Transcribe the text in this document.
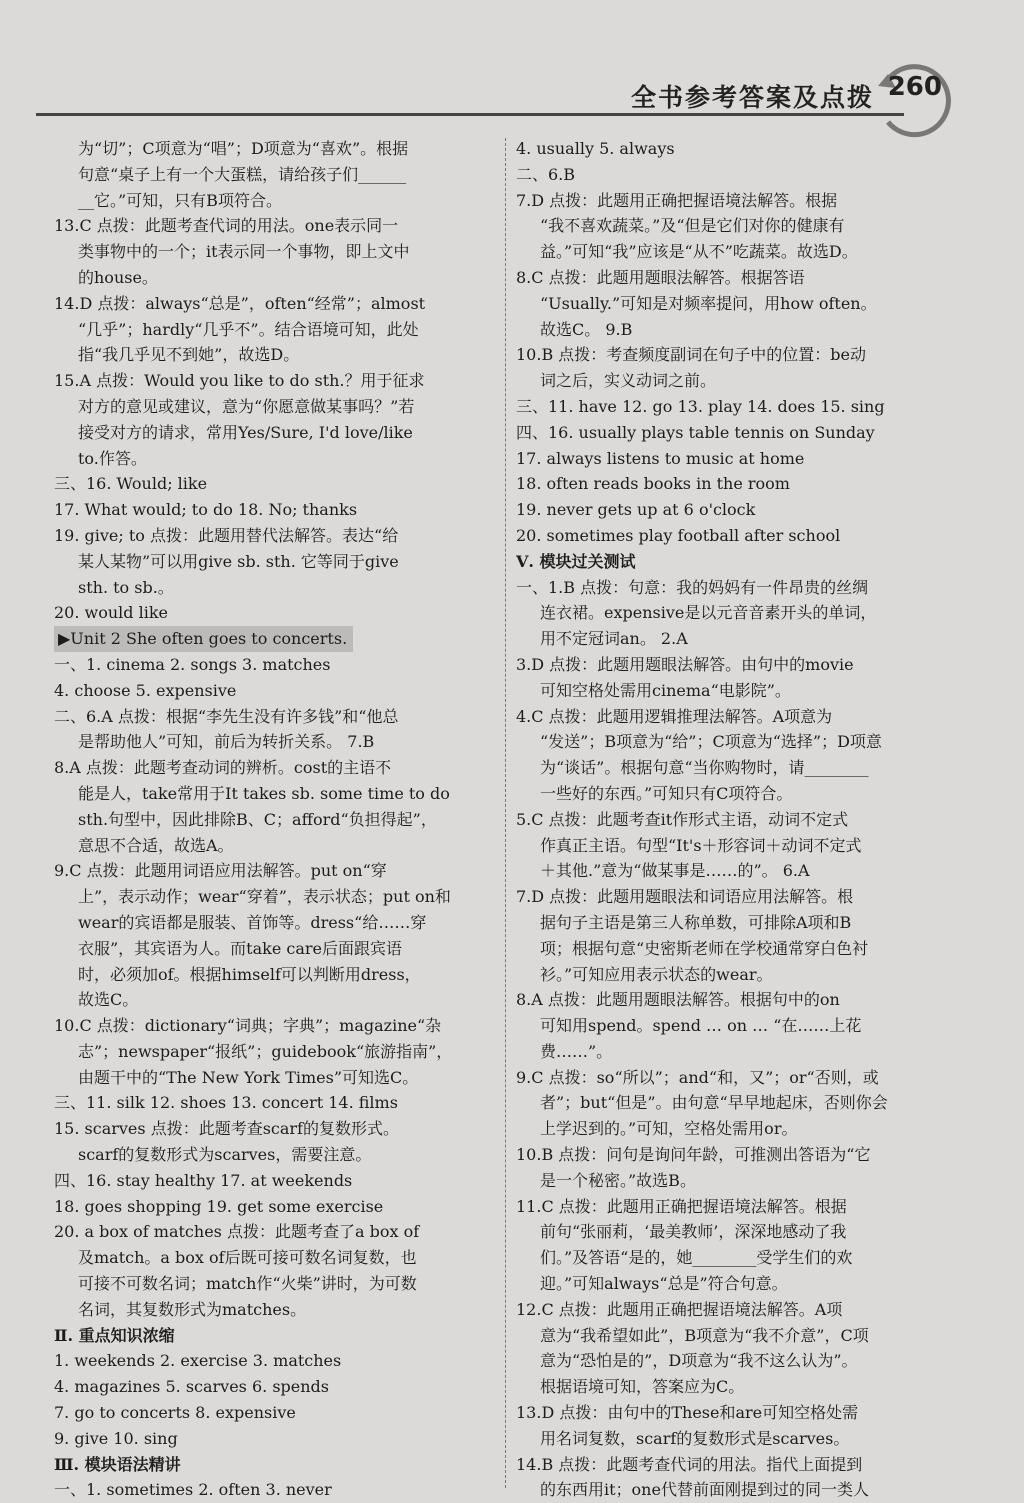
全书参考答案及点拨 260
为“切”；C项意为“唱”；D项意为“喜欢”。根据
句意“桌子上有一个大蛋糕，请给孩子们______
__它。”可知，只有B项符合。
13.C 点拨：此题考查代词的用法。one表示同一
类事物中的一个；it表示同一个事物，即上文中
的house。
14.D 点拨：always“总是”，often“经常”；almost
“几乎”；hardly“几乎不”。结合语境可知，此处
指“我几乎见不到她”，故选D。
15.A 点拨：Would you like to do sth.？用于征求
对方的意见或建议，意为“你愿意做某事吗？”若
接受对方的请求，常用Yes/Sure, I'd love/like
to.作答。
三、16. Would; like
17. What would; to do 18. No; thanks
19. give; to 点拨：此题用替代法解答。表达“给
某人某物”可以用give sb. sth. 它等同于give
sth. to sb.。
20. would like
▶Unit 2 She often goes to concerts.
一、1. cinema 2. songs 3. matches
4. choose 5. expensive
二、6.A 点拨：根据“李先生没有许多钱”和“他总
是帮助他人”可知，前后为转折关系。 7.B
8.A 点拨：此题考查动词的辨析。cost的主语不
能是人，take常用于It takes sb. some time to do
sth.句型中，因此排除B、C；afford“负担得起”，
意思不合适，故选A。
9.C 点拨：此题用词语应用法解答。put on“穿
上”，表示动作；wear“穿着”，表示状态；put on和
wear的宾语都是服装、首饰等。dress“给……穿
衣服”，其宾语为人。而take care后面跟宾语
时，必须加of。根据himself可以判断用dress，
故选C。
10.C 点拨：dictionary“词典；字典”；magazine“杂
志”；newspaper“报纸”；guidebook“旅游指南”，
由题干中的“The New York Times”可知选C。
三、11. silk 12. shoes 13. concert 14. films
15. scarves 点拨：此题考查scarf的复数形式。
scarf的复数形式为scarves，需要注意。
四、16. stay healthy 17. at weekends
18. goes shopping 19. get some exercise
20. a box of matches 点拨：此题考查了a box of
及match。a box of后既可接可数名词复数，也
可接不可数名词；match作“火柴”讲时，为可数
名词，其复数形式为matches。
Ⅱ. 重点知识浓缩
1. weekends 2. exercise 3. matches
4. magazines 5. scarves 6. spends
7. go to concerts 8. expensive
9. give 10. sing
Ⅲ. 模块语法精讲
一、1. sometimes 2. often 3. never
4. usually 5. always
二、6.B
7.D 点拨：此题用正确把握语境法解答。根据
“我不喜欢蔬菜。”及“但是它们对你的健康有
益。”可知“我”应该是“从不”吃蔬菜。故选D。
8.C 点拨：此题用题眼法解答。根据答语
“Usually.”可知是对频率提问，用how often。
故选C。 9.B
10.B 点拨：考查频度副词在句子中的位置：be动
词之后，实义动词之前。
三、11. have 12. go 13. play 14. does 15. sing
四、16. usually plays table tennis on Sunday
17. always listens to music at home
18. often reads books in the room
19. never gets up at 6 o'clock
20. sometimes play football after school
Ⅴ. 模块过关测试
一、1.B 点拨：句意：我的妈妈有一件昂贵的丝绸
连衣裙。expensive是以元音音素开头的单词，
用不定冠词an。 2.A
3.D 点拨：此题用题眼法解答。由句中的movie
可知空格处需用cinema“电影院”。
4.C 点拨：此题用逻辑推理法解答。A项意为
“发送”；B项意为“给”；C项意为“选择”；D项意
为“谈话”。根据句意“当你购物时，请________
一些好的东西。”可知只有C项符合。
5.C 点拨：此题考查it作形式主语，动词不定式
作真正主语。句型“It's＋形容词＋动词不定式
＋其他.”意为“做某事是……的”。 6.A
7.D 点拨：此题用题眼法和词语应用法解答。根
据句子主语是第三人称单数，可排除A项和B
项；根据句意“史密斯老师在学校通常穿白色衬
衫。”可知应用表示状态的wear。
8.A 点拨：此题用题眼法解答。根据句中的on
可知用spend。spend … on … “在……上花
费……”。
9.C 点拨：so“所以”；and“和，又”；or“否则，或
者”；but“但是”。由句意“早早地起床，否则你会
上学迟到的。”可知，空格处需用or。
10.B 点拨：问句是询问年龄，可推测出答语为“它
是一个秘密。”故选B。
11.C 点拨：此题用正确把握语境法解答。根据
前句“张丽莉，‘最美教师’，深深地感动了我
们。”及答语“是的，她________受学生们的欢
迎。”可知always“总是”符合句意。
12.C 点拨：此题用正确把握语境法解答。A项
意为“我希望如此”，B项意为“我不介意”，C项
意为“恐怕是的”，D项意为“我不这么认为”。
根据语境可知，答案应为C。
13.D 点拨：由句中的These和are可知空格处需
用名词复数，scarf的复数形式是scarves。
14.B 点拨：此题考查代词的用法。指代上面提到
的东西用it；one代替前面刚提到过的同一类人
